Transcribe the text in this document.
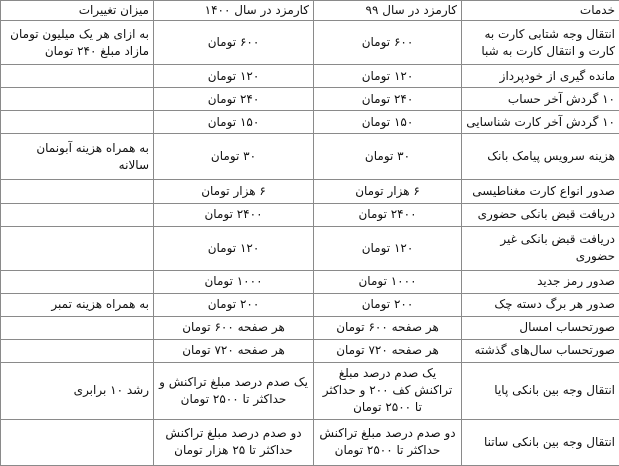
خدمات	کارمزد در سال ۹۹	کارمزد در سال ۱۴۰۰	میزان تغییرات
انتقال وجه شتابی کارت به کارت و انتقال کارت به شبا	۶۰۰ تومان	۶۰۰ تومان	به ازای هر یک میلیون تومان مازاد مبلغ ۲۴۰ تومان
مانده گیری از خودپرداز	۱۲۰ تومان	۱۲۰ تومان	
۱۰ گردش آخر حساب	۲۴۰ تومان	۲۴۰ تومان	
۱۰ گردش آخر کارت شناسایی	۱۵۰ تومان	۱۵۰ تومان	
هزینه سرویس پیامک بانک	۳۰ تومان	۳۰ تومان	به همراه هزینه آبونمان سالانه
صدور انواع کارت مغناطیسی	۶ هزار تومان	۶ هزار تومان	
دریافت قبض بانکی حضوری	۲۴۰۰ تومان	۲۴۰۰ تومان	
دریافت قبض بانکی غیر حضوری	۱۲۰ تومان	۱۲۰ تومان	
صدور رمز جدید	۱۰۰۰ تومان	۱۰۰۰ تومان	
صدور هر برگ دسته چک	۲۰۰ تومان	۲۰۰ تومان	به همراه هزینه تمبر
صورتحساب امسال	هر صفحه ۶۰۰ تومان	هر صفحه ۶۰۰ تومان	
صورتحساب سال‌های گذشته	هر صفحه ۷۲۰ تومان	هر صفحه ۷۲۰ تومان	
انتقال وجه بین بانکی پایا	یک صدم درصد مبلغ تراکنش کف ۲۰۰ و حداکثر تا ۲۵۰۰ تومان	یک صدم درصد مبلغ تراکنش و حداکثر تا ۲۵۰۰ تومان	رشد ۱۰ برابری
انتقال وجه بین بانکی ساتنا	دو صدم درصد مبلغ تراکنش حداکثر تا ۲۵۰۰ تومان	دو صدم درصد مبلغ تراکنش حداکثر تا ۲۵ هزار تومان	
